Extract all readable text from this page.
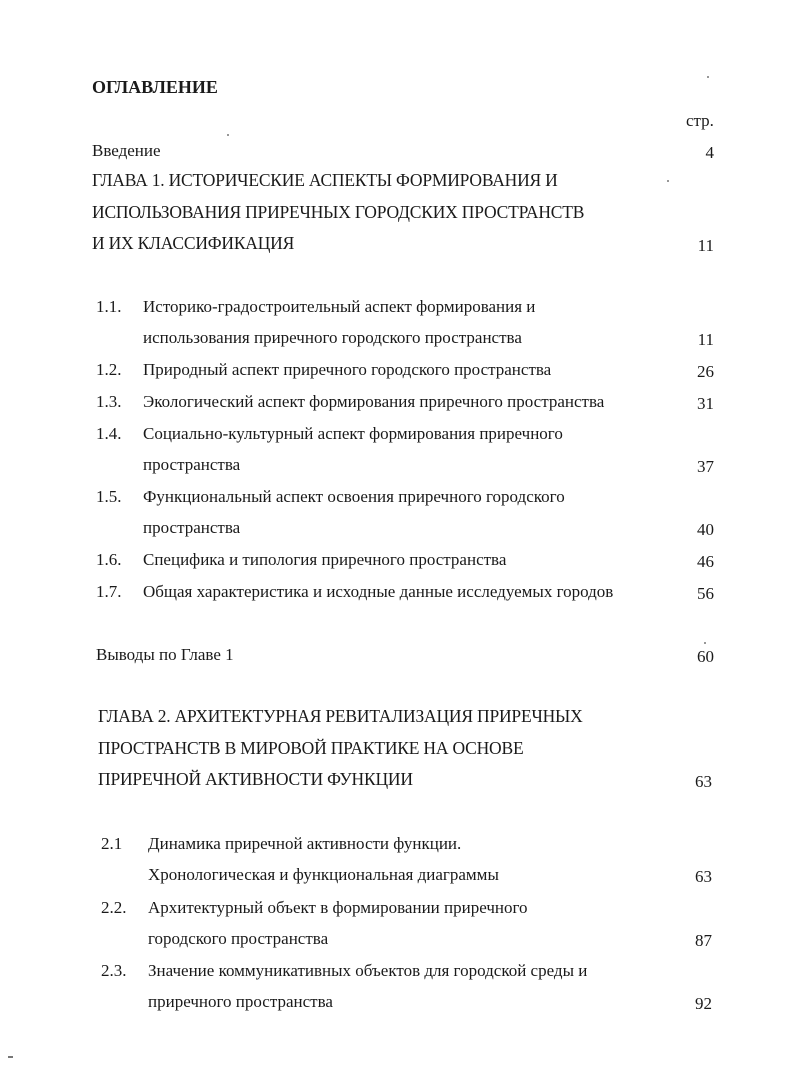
ОГЛАВЛЕНИЕ
стр.
Введение	4
ГЛАВА 1. ИСТОРИЧЕСКИЕ АСПЕКТЫ ФОРМИРОВАНИЯ И
ИСПОЛЬЗОВАНИЯ ПРИРЕЧНЫХ ГОРОДСКИХ ПРОСТРАНСТВ
И ИХ КЛАССИФИКАЦИЯ	11
1.1.	Историко-градостроительный аспект формирования и
использования приречного городского пространства	11
1.2.	Природный аспект приречного городского пространства	26
1.3.	Экологический аспект формирования приречного пространства	31
1.4.	Социально-культурный аспект формирования приречного
пространства	37
1.5.	Функциональный аспект освоения приречного городского
пространства	40
1.6.	Специфика и типология приречного пространства	46
1.7.	Общая характеристика и исходные данные исследуемых городов	56
Выводы по Главе 1	60
ГЛАВА 2. АРХИТЕКТУРНАЯ РЕВИТАЛИЗАЦИЯ ПРИРЕЧНЫХ
ПРОСТРАНСТВ В МИРОВОЙ ПРАКТИКЕ НА ОСНОВЕ
ПРИРЕЧНОЙ АКТИВНОСТИ ФУНКЦИИ	63
2.1	Динамика приречной активности функции.
Хронологическая и функциональная диаграммы	63
2.2.	Архитектурный объект в формировании приречного
городского пространства	87
2.3.	Значение коммуникативных объектов для городской среды и
приречного пространства	92
